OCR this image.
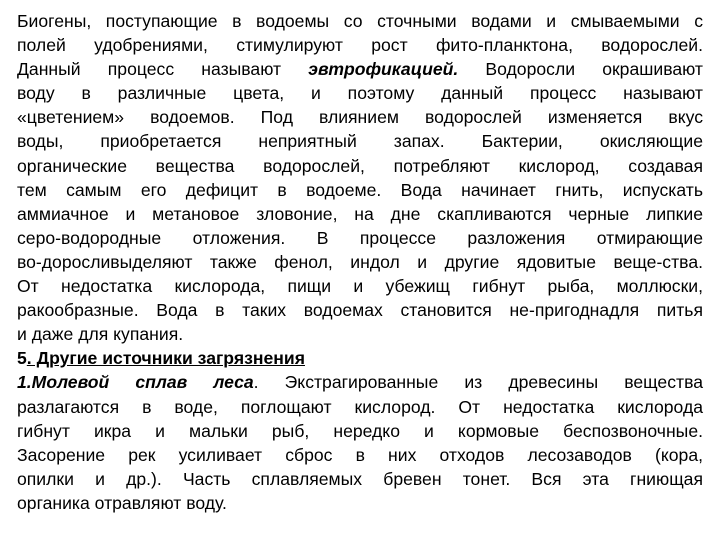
Биогены, поступающие в водоемы со сточными водами и смываемыми с
полей удобрениями, стимулируют рост фито-планктона, водорослей.
Данный процесс называют эвтрофикацией. Водоросли окрашивают
воду в различные цвета, и поэтому данный процесс называют
«цветением» водоемов. Под влиянием водорослей изменяется вкус
воды, приобретается неприятный запах. Бактерии, окисляющие
органические вещества водорослей, потребляют кислород, создавая
тем самым его дефицит в водоеме. Вода начинает гнить, испускать
аммиачное и метановое зловоние, на дне скапливаются черные липкие
серо-водородные отложения. В процессе разложения отмирающие
во-доросливыделяют также фенол, индол и другие ядовитые веще-ства.
От недостатка кислорода, пищи и убежищ гибнут рыба, моллюски,
ракообразные. Вода в таких водоемах становится не-пригоднадля питья
и даже для купания.
5. Другие источники загрязнения
1.Молевой сплав леса. Экстрагированные из древесины вещества
разлагаются в воде, поглощают кислород. От недостатка кислорода
гибнут икра и мальки рыб, нередко и кормовые беспозвоночные.
Засорение рек усиливает сброс в них отходов лесозаводов (кора,
опилки и др.). Часть сплавляемых бревен тонет. Вся эта гниющая
органика отравляют воду.
